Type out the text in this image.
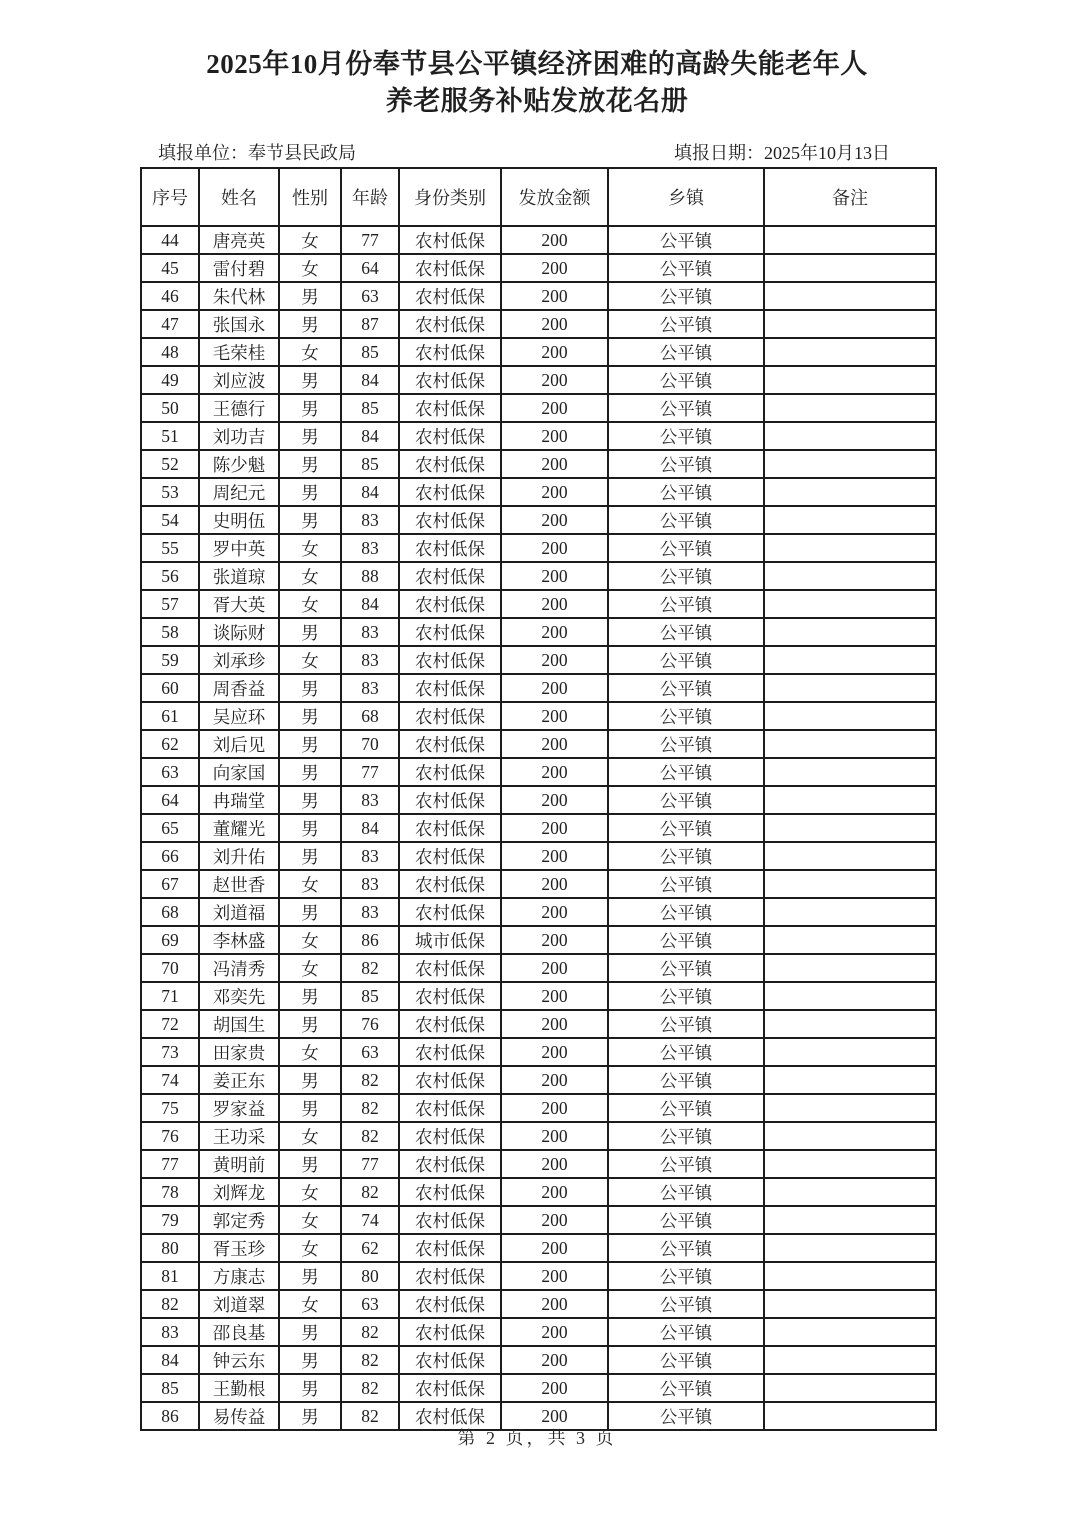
2025年10月份奉节县公平镇经济困难的高龄失能老年人
养老服务补贴发放花名册
填报单位：奉节县民政局	填报日期：2025年10月13日
序号	姓名	性别	年龄	身份类别	发放金额	乡镇	备注
44	唐亮英	女	77	农村低保	200	公平镇	
45	雷付碧	女	64	农村低保	200	公平镇	
46	朱代林	男	63	农村低保	200	公平镇	
47	张国永	男	87	农村低保	200	公平镇	
48	毛荣桂	女	85	农村低保	200	公平镇	
49	刘应波	男	84	农村低保	200	公平镇	
50	王德行	男	85	农村低保	200	公平镇	
51	刘功吉	男	84	农村低保	200	公平镇	
52	陈少魁	男	85	农村低保	200	公平镇	
53	周纪元	男	84	农村低保	200	公平镇	
54	史明伍	男	83	农村低保	200	公平镇	
55	罗中英	女	83	农村低保	200	公平镇	
56	张道琼	女	88	农村低保	200	公平镇	
57	胥大英	女	84	农村低保	200	公平镇	
58	谈际财	男	83	农村低保	200	公平镇	
59	刘承珍	女	83	农村低保	200	公平镇	
60	周香益	男	83	农村低保	200	公平镇	
61	吴应环	男	68	农村低保	200	公平镇	
62	刘后见	男	70	农村低保	200	公平镇	
63	向家国	男	77	农村低保	200	公平镇	
64	冉瑞堂	男	83	农村低保	200	公平镇	
65	董耀光	男	84	农村低保	200	公平镇	
66	刘升佑	男	83	农村低保	200	公平镇	
67	赵世香	女	83	农村低保	200	公平镇	
68	刘道福	男	83	农村低保	200	公平镇	
69	李林盛	女	86	城市低保	200	公平镇	
70	冯清秀	女	82	农村低保	200	公平镇	
71	邓奕先	男	85	农村低保	200	公平镇	
72	胡国生	男	76	农村低保	200	公平镇	
73	田家贵	女	63	农村低保	200	公平镇	
74	姜正东	男	82	农村低保	200	公平镇	
75	罗家益	男	82	农村低保	200	公平镇	
76	王功采	女	82	农村低保	200	公平镇	
77	黄明前	男	77	农村低保	200	公平镇	
78	刘辉龙	女	82	农村低保	200	公平镇	
79	郭定秀	女	74	农村低保	200	公平镇	
80	胥玉珍	女	62	农村低保	200	公平镇	
81	方康志	男	80	农村低保	200	公平镇	
82	刘道翠	女	63	农村低保	200	公平镇	
83	邵良基	男	82	农村低保	200	公平镇	
84	钟云东	男	82	农村低保	200	公平镇	
85	王勤根	男	82	农村低保	200	公平镇	
86	易传益	男	82	农村低保	200	公平镇	
第 2 页，共 3 页
